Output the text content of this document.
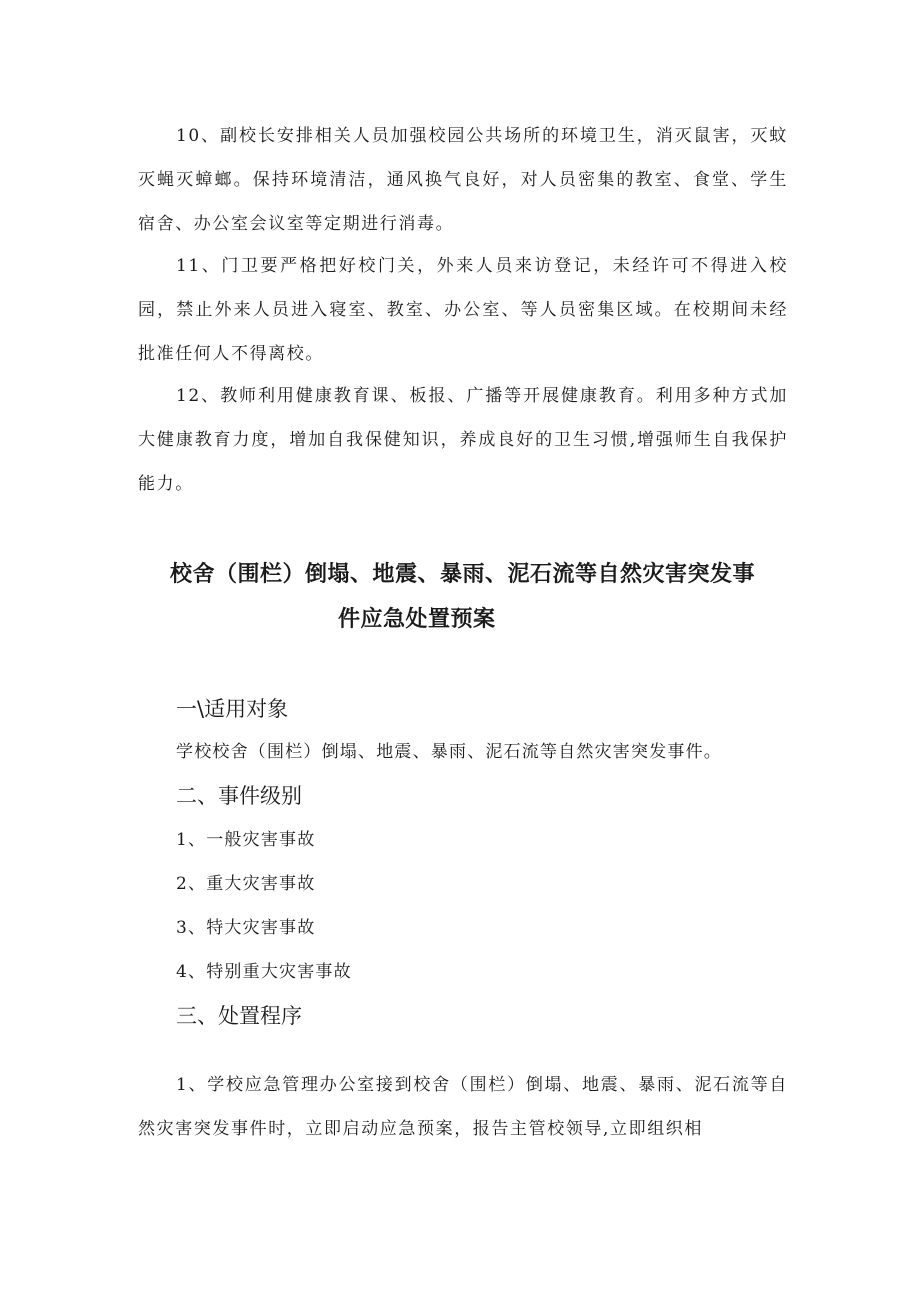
10、副校长安排相关人员加强校园公共场所的环境卫生，消灭鼠害，灭蚊灭蝇灭蟑螂。保持环境清洁，通风换气良好，对人员密集的教室、食堂、学生宿舍、办公室会议室等定期进行消毒。

11、门卫要严格把好校门关，外来人员来访登记，未经许可不得进入校园，禁止外来人员进入寝室、教室、办公室、等人员密集区域。在校期间未经批准任何人不得离校。

12、教师利用健康教育课、板报、广播等开展健康教育。利用多种方式加大健康教育力度，增加自我保健知识，养成良好的卫生习惯,增强师生自我保护能力。

校舍（围栏）倒塌、地震、暴雨、泥石流等自然灾害突发事
件应急处置预案
一\适用对象

学校校舍（围栏）倒塌、地震、暴雨、泥石流等自然灾害突发事件。

二、事件级别

1、一般灾害事故

2、重大灾害事故

3、特大灾害事故

4、特别重大灾害事故

三、处置程序

1、学校应急管理办公室接到校舍（围栏）倒塌、地震、暴雨、泥石流等自然灾害突发事件时，立即启动应急预案，报告主管校领导,立即组织相
